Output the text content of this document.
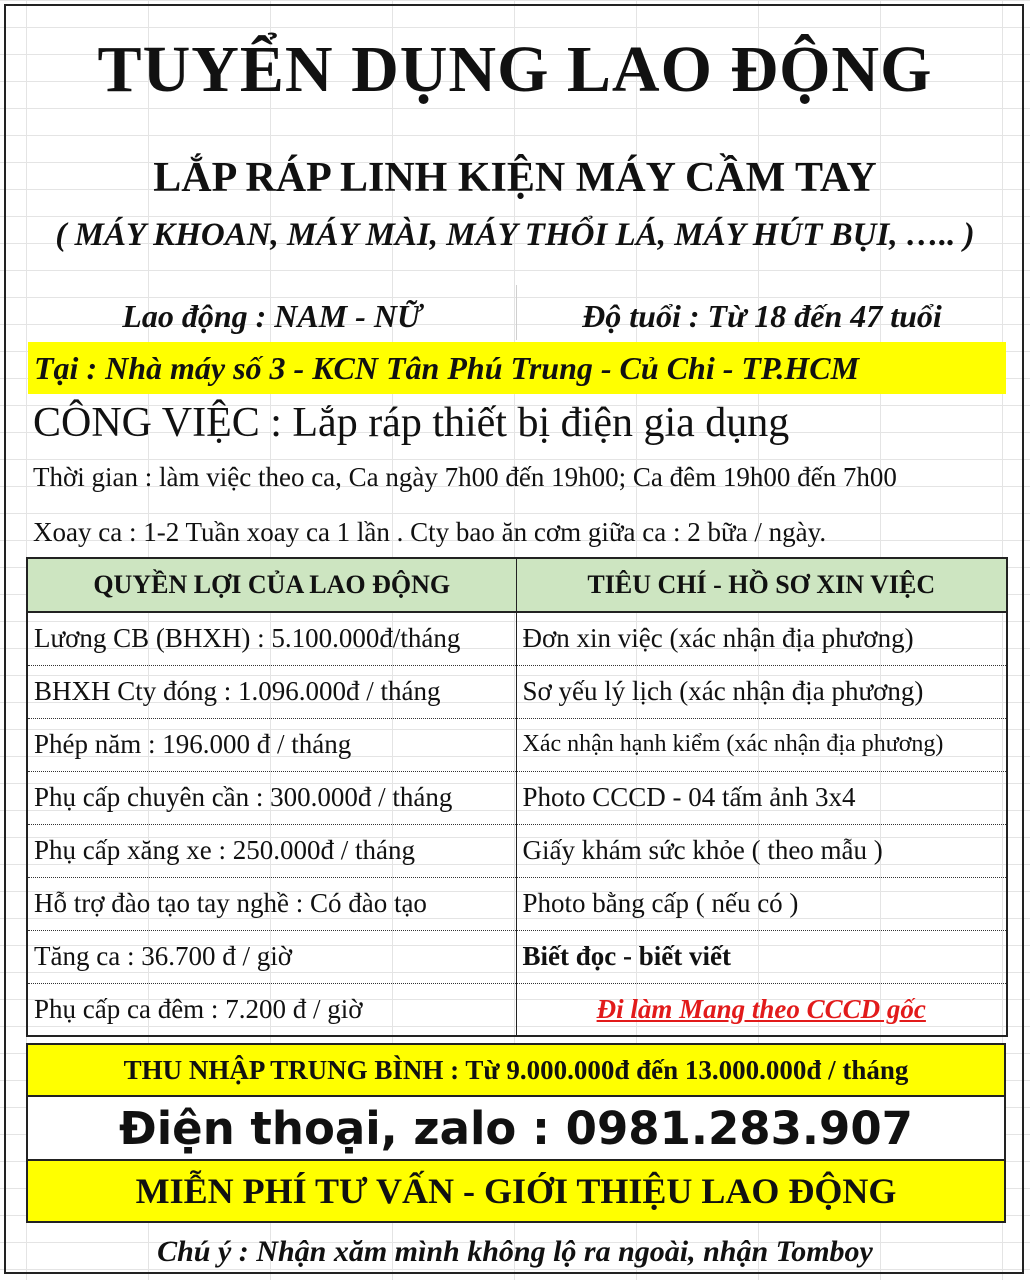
TUYỂN DỤNG LAO ĐỘNG
LẮP RÁP LINH KIỆN MÁY CẦM TAY
( MÁY KHOAN, MÁY MÀI, MÁY THỔI LÁ, MÁY HÚT BỤI, ….. )
Lao động : NAM - NỮ	Độ tuổi : Từ 18 đến 47 tuổi
Tại : Nhà máy số 3 - KCN Tân Phú Trung - Củ Chi - TP.HCM
CÔNG VIỆC : Lắp ráp thiết bị điện gia dụng
Thời gian : làm việc theo ca, Ca ngày 7h00 đến 19h00; Ca đêm 19h00 đến 7h00
Xoay ca : 1-2 Tuần xoay ca 1 lần . Cty bao ăn cơm giữa ca : 2 bữa / ngày.
QUYỀN LỢI CỦA LAO ĐỘNG	TIÊU CHÍ - HỒ SƠ XIN VIỆC
Lương CB (BHXH) : 5.100.000đ/tháng	Đơn xin việc (xác nhận địa phương)
BHXH Cty đóng : 1.096.000đ / tháng	Sơ yếu lý lịch (xác nhận địa phương)
Phép năm : 196.000 đ / tháng	Xác nhận hạnh kiểm (xác nhận địa phương)
Phụ cấp chuyên cần : 300.000đ / tháng	Photo CCCD - 04 tấm ảnh 3x4
Phụ cấp xăng xe : 250.000đ / tháng	Giấy khám sức khỏe ( theo mẫu )
Hỗ trợ đào tạo tay nghề : Có đào tạo	Photo bằng cấp ( nếu có )
Tăng ca : 36.700 đ / giờ	Biết đọc - biết viết
Phụ cấp ca đêm : 7.200 đ / giờ	Đi làm Mang theo CCCD gốc
THU NHẬP TRUNG BÌNH : Từ 9.000.000đ đến 13.000.000đ / tháng
Điện thoại, zalo : 0981.283.907
MIỄN PHÍ TƯ VẤN - GIỚI THIỆU LAO ĐỘNG
Chú ý : Nhận xăm mình không lộ ra ngoài, nhận Tomboy
